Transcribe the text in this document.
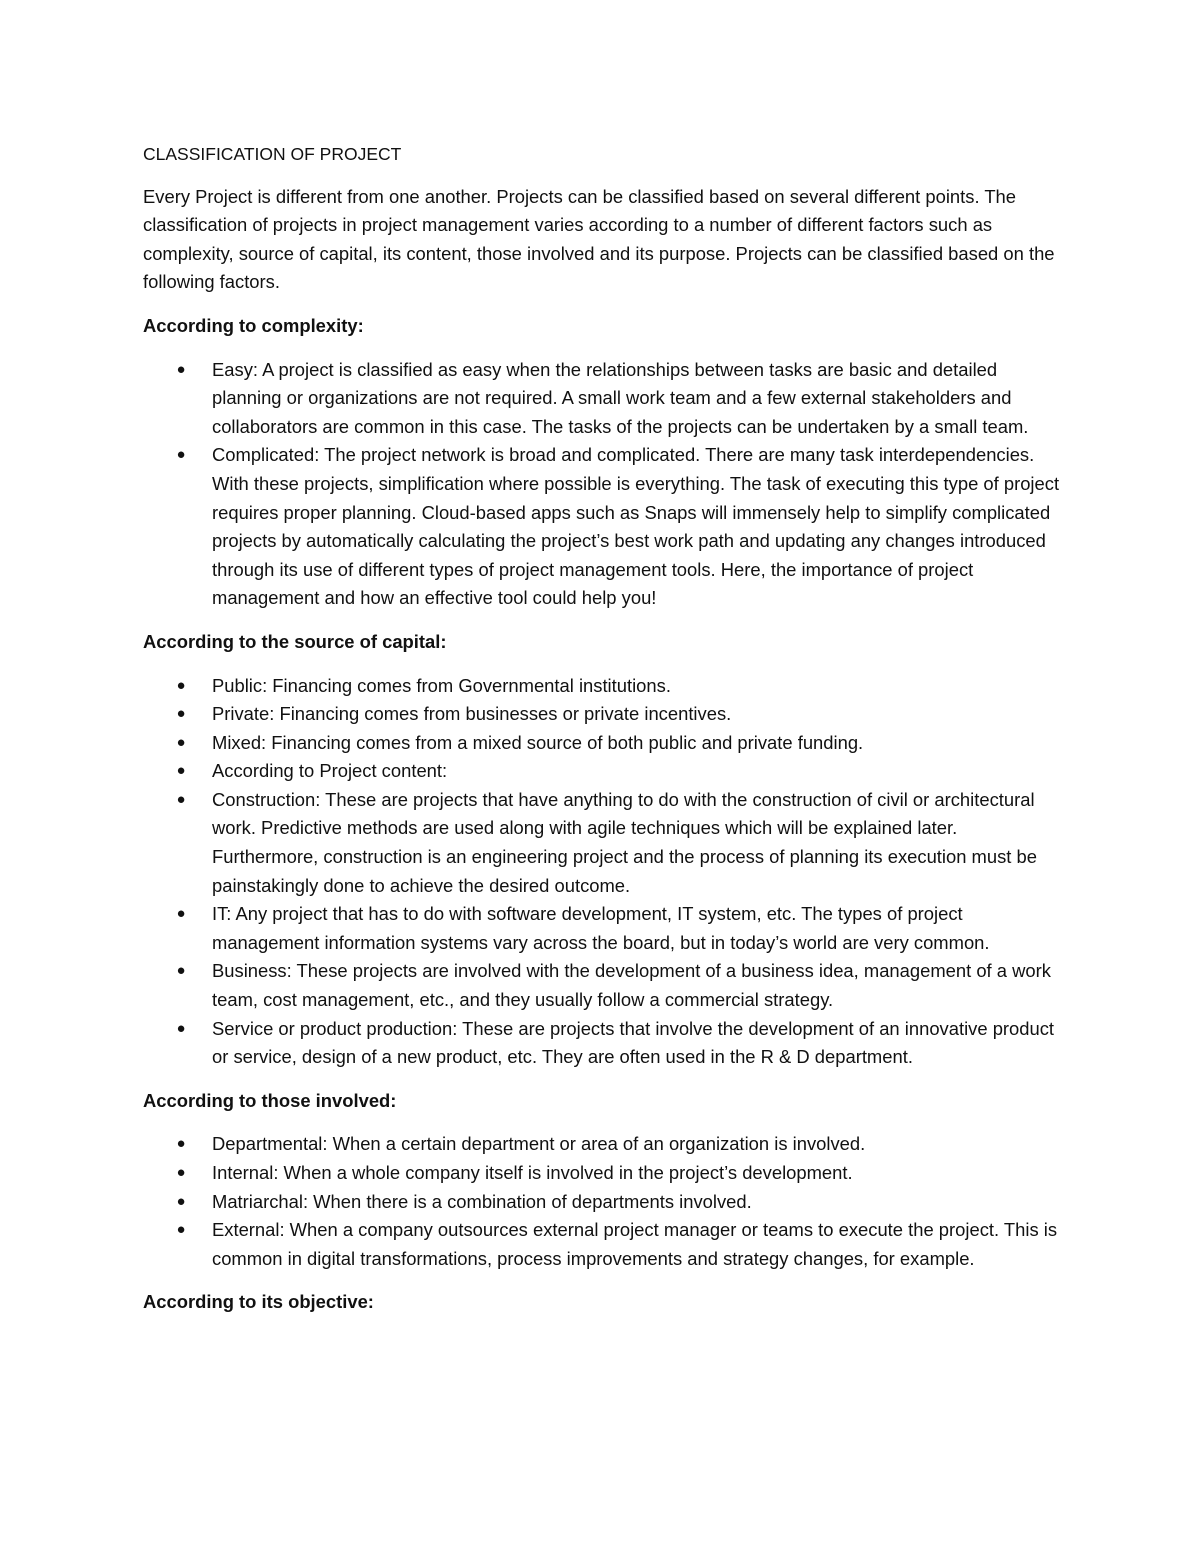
CLASSIFICATION OF PROJECT

Every Project is different from one another. Projects can be classified based on several different points. The classification of projects in project management varies according to a number of different factors such as complexity, source of capital, its content, those involved and its purpose. Projects can be classified based on the following factors.

According to complexity:
● Easy: A project is classified as easy when the relationships between tasks are basic and detailed planning or organizations are not required. A small work team and a few external stakeholders and collaborators are common in this case. The tasks of the projects can be undertaken by a small team.
● Complicated: The project network is broad and complicated. There are many task interdependencies. With these projects, simplification where possible is everything. The task of executing this type of project requires proper planning. Cloud-based apps such as Snaps will immensely help to simplify complicated projects by automatically calculating the project’s best work path and updating any changes introduced through its use of different types of project management tools. Here, the importance of project management and how an effective tool could help you!
According to the source of capital:
● Public: Financing comes from Governmental institutions.
● Private: Financing comes from businesses or private incentives.
● Mixed: Financing comes from a mixed source of both public and private funding.
● According to Project content:
● Construction: These are projects that have anything to do with the construction of civil or architectural work. Predictive methods are used along with agile techniques which will be explained later. Furthermore, construction is an engineering project and the process of planning its execution must be painstakingly done to achieve the desired outcome.
● IT: Any project that has to do with software development, IT system, etc. The types of project management information systems vary across the board, but in today’s world are very common.
● Business: These projects are involved with the development of a business idea, management of a work team, cost management, etc., and they usually follow a commercial strategy.
● Service or product production: These are projects that involve the development of an innovative product or service, design of a new product, etc. They are often used in the R & D department.
According to those involved:
● Departmental: When a certain department or area of an organization is involved.
● Internal: When a whole company itself is involved in the project’s development.
● Matriarchal: When there is a combination of departments involved.
● External: When a company outsources external project manager or teams to execute the project. This is common in digital transformations, process improvements and strategy changes, for example.
According to its objective:
